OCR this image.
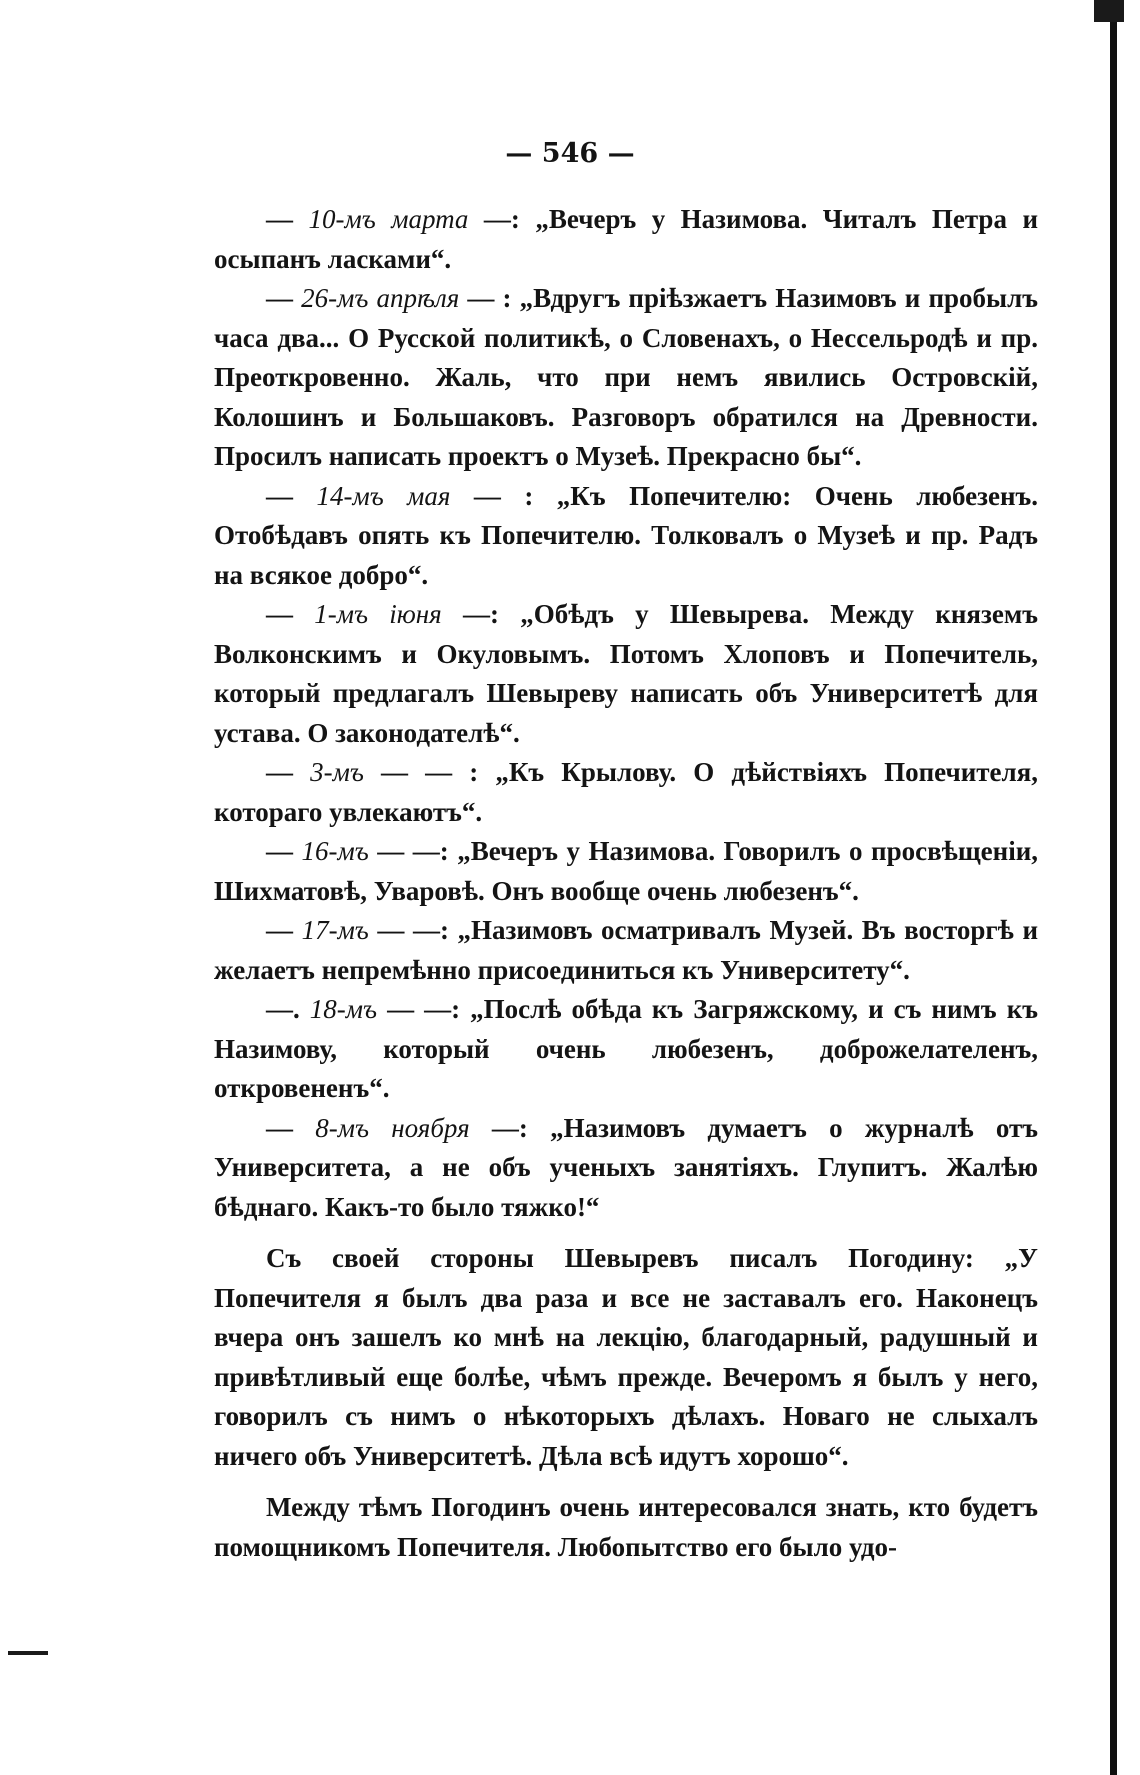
— 546 —

— 10-мъ марта —: „Вечеръ у Назимова. Читалъ Петра и осыпанъ ласками“.

— 26-мъ апрѣля — : „Вдругъ пріѣзжаетъ Назимовъ и пробылъ часа два... О Русской политикѣ, о Словенахъ, о Нессельродѣ и пр. Преоткровенно. Жаль, что при немъ явились Островскій, Колошинъ и Большаковъ. Разговоръ обратился на Древности. Просилъ написать проектъ о Музеѣ. Прекрасно бы“.

— 14-мъ мая — : „Къ Попечителю: Очень любезенъ. Отобѣдавъ опять къ Попечителю. Толковалъ о Музеѣ и пр. Радъ на всякое добро“.

— 1-мъ іюня —: „Обѣдъ у Шевырева. Между княземъ Волконскимъ и Окуловымъ. Потомъ Хлоповъ и Попечитель, который предлагалъ Шевыреву написать объ Университетѣ для устава. О законодателѣ“.

— 3-мъ — — : „Къ Крылову. О дѣйствіяхъ Попечителя, котораго увлекаютъ“.

— 16-мъ — —: „Вечеръ у Назимова. Говорилъ о просвѣщеніи, Шихматовѣ, Уваровѣ. Онъ вообще очень любезенъ“.

— 17-мъ — —: „Назимовъ осматривалъ Музей. Въ восторгѣ и желаетъ непремѣнно присоединиться къ Университету“.

—. 18-мъ — —: „Послѣ обѣда къ Загряжскому, и съ нимъ къ Назимову, который очень любезенъ, доброжелателенъ, откровененъ“.

— 8-мъ ноября —: „Назимовъ думаетъ о журналѣ отъ Университета, а не объ ученыхъ занятіяхъ. Глупитъ. Жалѣю бѣднаго. Какъ-то было тяжко!“

Съ своей стороны Шевыревъ писалъ Погодину: „У Попечителя я былъ два раза и все не заставалъ его. Наконецъ вчера онъ зашелъ ко мнѣ на лекцію, благодарный, радушный и привѣтливый еще болѣе, чѣмъ прежде. Вечеромъ я былъ у него, говорилъ съ нимъ о нѣкоторыхъ дѣлахъ. Новаго не слыхалъ ничего объ Университетѣ. Дѣла всѣ идутъ хорошо“.

Между тѣмъ Погодинъ очень интересовался знать, кто будетъ помощникомъ Попечителя. Любопытство его было удо-
